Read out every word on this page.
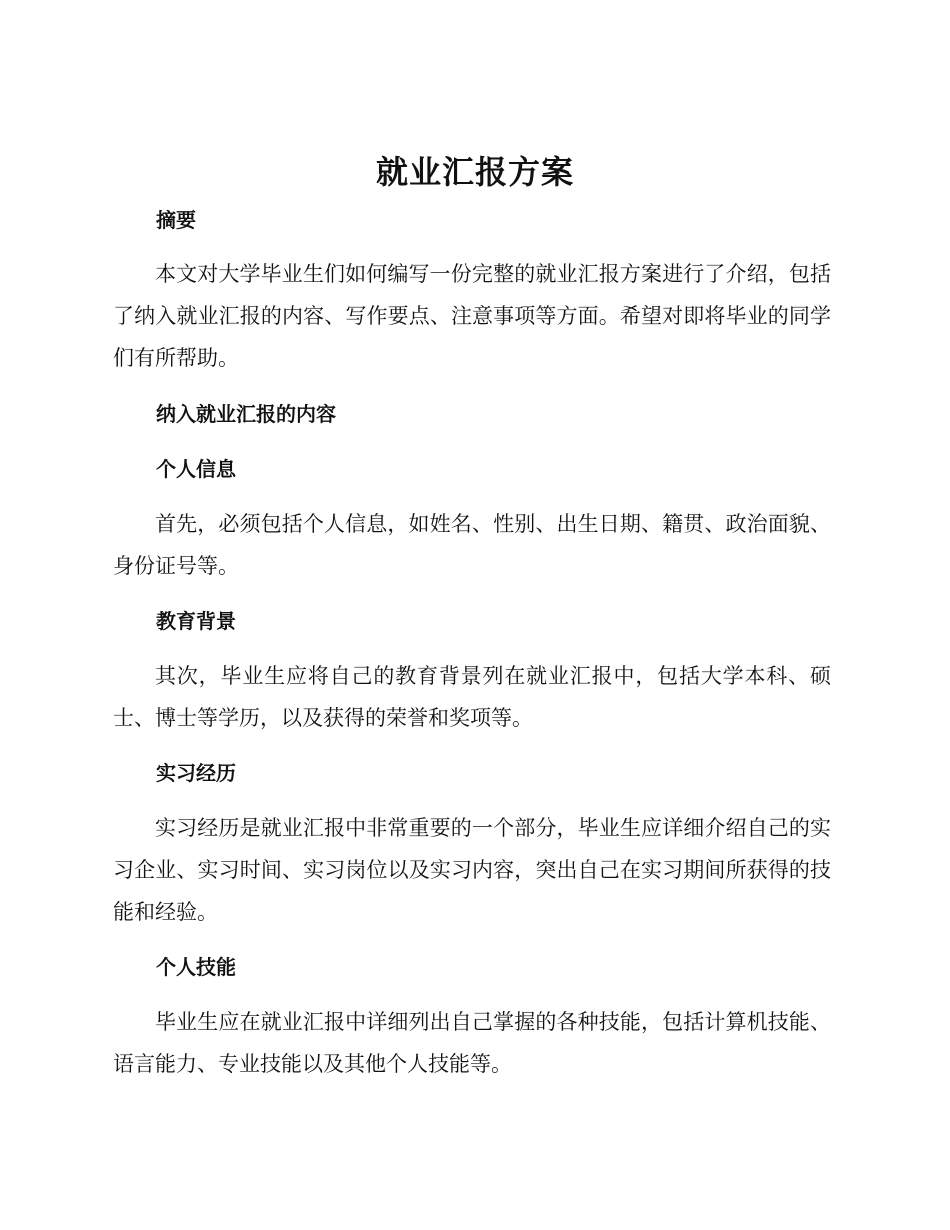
就业汇报方案
摘要

本文对大学毕业生们如何编写一份完整的就业汇报方案进行了介绍，包括了纳入就业汇报的内容、写作要点、注意事项等方面。希望对即将毕业的同学们有所帮助。

纳入就业汇报的内容
个人信息

首先，必须包括个人信息，如姓名、性别、出生日期、籍贯、政治面貌、身份证号等。

教育背景

其次，毕业生应将自己的教育背景列在就业汇报中，包括大学本科、硕士、博士等学历，以及获得的荣誉和奖项等。

实习经历

实习经历是就业汇报中非常重要的一个部分，毕业生应详细介绍自己的实习企业、实习时间、实习岗位以及实习内容，突出自己在实习期间所获得的技能和经验。

个人技能

毕业生应在就业汇报中详细列出自己掌握的各种技能，包括计算机技能、语言能力、专业技能以及其他个人技能等。
